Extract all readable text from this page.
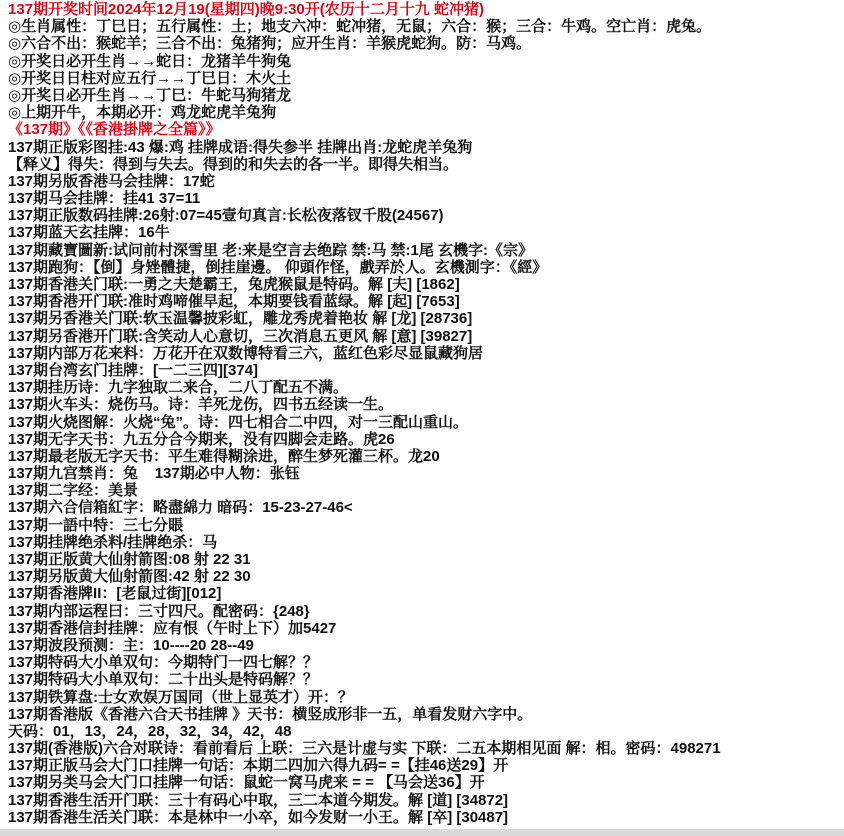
137期开奖时间2024年12月19(星期四)晚9:30开(农历十二月十九 蛇冲猪)
◎生肖属性：丁巳日；五行属性：土；地支六冲：蛇冲猪，无鼠；六合：猴；三合：牛鸡。空亡肖：虎兔。
◎六合不出：猴蛇羊；三合不出：兔猪狗；应开生肖：羊猴虎蛇狗。防：马鸡。
◎开奖日必开生肖→→蛇日：龙猪羊牛狗兔
◎开奖日日柱对应五行→→丁巳日：木火土
◎开奖日必开生肖→→丁巳：牛蛇马狗猪龙
◎上期开牛，本期必开：鸡龙蛇虎羊兔狗
《137期》《《香港掛牌之全篇》》
137期正版彩图挂:43 爆:鸡 挂牌成语:得失参半 挂牌出肖:龙蛇虎羊兔狗
【释义】得失：得到与失去。得到的和失去的各一半。即得失相当。
137期另版香港马会挂牌：17蛇
137期马会挂牌：挂41 37=11
137期正版数码挂牌:26射:07=45壹句真言:长松夜落钗千股(24567)
137期蓝天玄挂牌：16牛
137期藏寶圖新:试问前村深雪里 老:来是空言去绝踪 禁:马 禁:1尾 玄機字:《宗》
137期跑狗：【倒】身矬體捷，倒挂崖邊。 仰頭作怪，戲弄於人。玄機測字：《經》
137期香港关门联:一勇之夫楚霸王，兔虎猴鼠是特码。解 [夫] [1862]
137期香港开门联:准时鸡啼催早起，本期要钱看蓝绿。解 [起] [7653]
137期另香港关门联:软玉温馨披彩虹，雕龙秀虎着艳妆 解 [龙] [28736]
137期另香港开门联:含笑动人心意切，三次消息五更风 解 [意] [39827]
137期内部万花来料：万花开在双数博特看三六，蓝红色彩尽显鼠藏狗居
137期台湾玄门挂牌：[一二三四][374]
137期挂历诗：九字独取二来合，二八丁配五不满。
137期火车头：烧伤马。诗：羊死龙伤，四书五经读一生。
137期火烧图解：火烧“兔”。诗：四七相合二中四，对一三配山重山。
137期无字天书：九五分合今期来，没有四脚会走路。虎26
137期最老版无字天书：平生难得糊涂进，醉生梦死灌三杯。龙20
137期九宫禁肖：兔    137期必中人物：张钰
137期二字经：美景
137期六合信箱紅字：略盡綿力 暗码：15-23-27-46<
137期一語中特：三七分賬
137期挂牌绝杀料/挂牌绝杀：马
137期正版黄大仙射箭图:08 射 22 31
137期另版黄大仙射箭图:42 射 22 30
137期香港牌II：[老鼠过街][012]
137期内部运程曰：三寸四尺。配密码：{248}
137期香港信封挂牌：应有恨（午时上下）加5427
137期波段预测：主：10----20 28--49
137期特码大小单双句：今期特门一四七解？？
137期特码大小单双句：二十出头是特码解？？
137期铁算盘:士女欢娱万国同（世上显英才）开：？
137期香港版《香港六合天书挂牌 》天书：横竖成形非一五，单看发财六字中。
天码：01，13，24，28，32，34，42，48
137期(香港版)六合对联诗：看前看后 上联：三六是计虚与实 下联：二五本期相见面 解：相。密码：498271
137期正版马会大门口挂牌一句话：本期二四加六得九码= =【挂46送29】开
137期另类马会大门口挂牌一句话：鼠蛇一窝马虎来 = = 【马会送36】开
137期香港生活开门联：三十有码心中取，三二本道今期发。解 [道] [34872]
137期香港生活关门联：本是林中一小卒，如今发财一小王。解 [卒] [30487]
